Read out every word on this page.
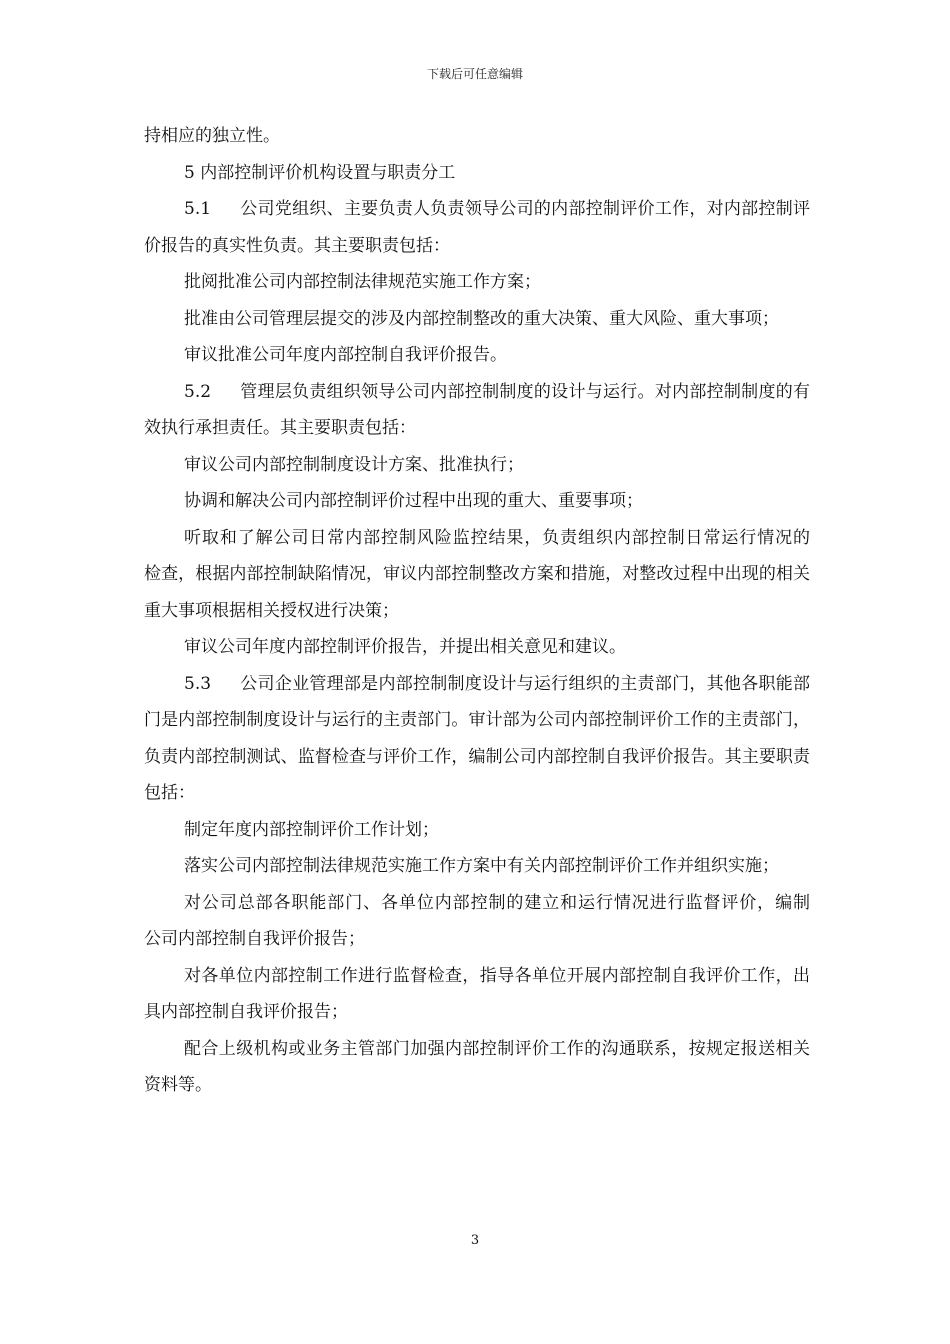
下载后可任意编辑

持相应的独立性。

5 内部控制评价机构设置与职责分工

5.1 公司党组织、主要负责人负责领导公司的内部控制评价工作，对内部控制评价报告的真实性负责。其主要职责包括：

批阅批准公司内部控制法律规范实施工作方案；

批准由公司管理层提交的涉及内部控制整改的重大决策、重大风险、重大事项；

审议批准公司年度内部控制自我评价报告。

5.2 管理层负责组织领导公司内部控制制度的设计与运行。对内部控制制度的有效执行承担责任。其主要职责包括：

审议公司内部控制制度设计方案、批准执行；

协调和解决公司内部控制评价过程中出现的重大、重要事项；

听取和了解公司日常内部控制风险监控结果，负责组织内部控制日常运行情况的　检查，根据内部控制缺陷情况，审议内部控制整改方案和措施，对整改过程中出现的相关重大事项根据相关授权进行决策；

审议公司年度内部控制评价报告，并提出相关意见和建议。

5.3 公司企业管理部是内部控制制度设计与运行组织的主责部门，其他各职能部门是内部控制制度设计与运行的主责部门。审计部为公司内部控制评价工作的主责部门，负责内部控制测试、监督检查与评价工作，编制公司内部控制自我评价报告。其主要职责包括：

制定年度内部控制评价工作计划；

落实公司内部控制法律规范实施工作方案中有关内部控制评价工作并组织实施；

对公司总部各职能部门、各单位内部控制的建立和运行情况进行监督评价，编制　公司内部控制自我评价报告；

对各单位内部控制工作进行监督检查，指导各单位开展内部控制自我评价工作，出具内部控制自我评价报告；

配合上级机构或业务主管部门加强内部控制评价工作的沟通联系，按规定报送相关资料等。

3
